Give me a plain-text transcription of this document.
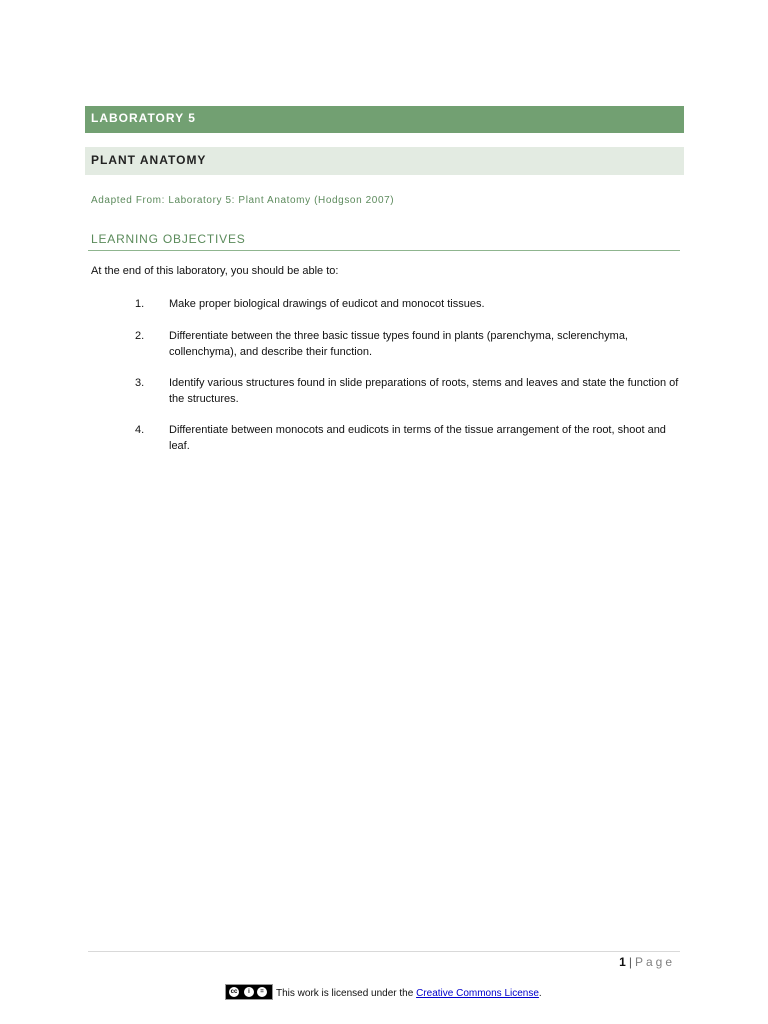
LABORATORY 5
PLANT ANATOMY
Adapted From: Laboratory 5: Plant Anatomy (Hodgson 2007)
LEARNING OBJECTIVES
At the end of this laboratory, you should be able to:
1.	Make proper biological drawings of eudicot and monocot tissues.
2.	Differentiate between the three basic tissue types found in plants (parenchyma, sclerenchyma, collenchyma), and describe their function.
3.	Identify various structures found in slide preparations of roots, stems and leaves and state the function of the structures.
4.	Differentiate between monocots and eudicots in terms of the tissue arrangement of the root, shoot and leaf.
1 | Page
cc	i	=	This work is licensed under the Creative Commons License.
